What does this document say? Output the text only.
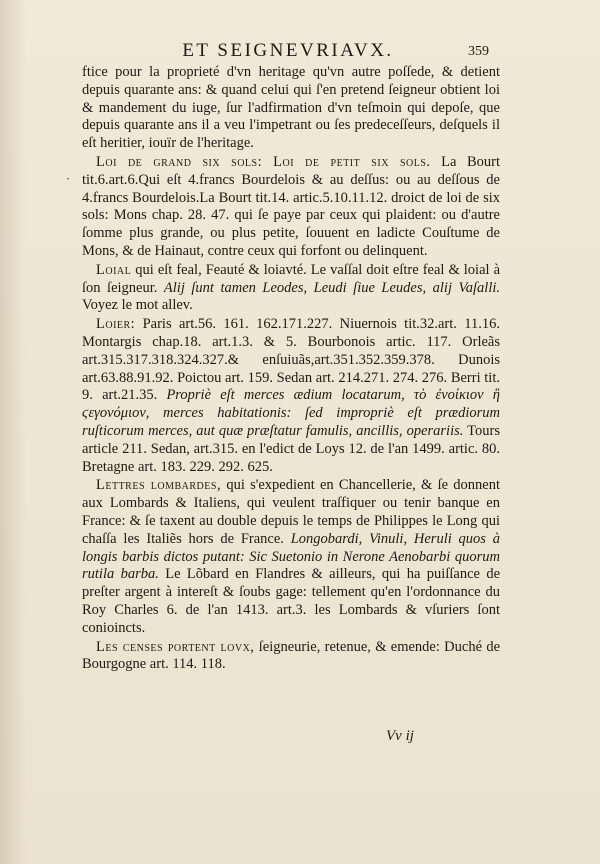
ET SEIGNEVRIAVX.	359
·

ftice pour la proprieté d'vn heritage qu'vn autre poſſede, & detient depuis quarante ans: & quand celui qui ſ'en pretend ſeigneur obtient loi & mandement du iuge, ſur l'adfirmation d'vn teſmoin qui depoſe, que depuis quarante ans il a veu l'impetrant ou ſes predeceſſeurs, deſquels il eſt heritier, iouïr de l'heritage.

Loi de grand six sols: Loi de petit six sols. La Bourt tit.6.art.6.Qui eſt 4.francs Bourdelois & au deſſus: ou au deſſous de 4.francs Bourdelois.La Bourt tit.14. artic.5.10.11.12. droict de loi de six sols: Mons chap. 28. 47. qui ſe paye par ceux qui plaident: ou d'autre ſomme plus grande, ou plus petite, ſouuent en ladicte Couſtume de Mons, & de Hainaut, contre ceux qui forfont ou delinquent.

Loial qui eſt feal, Feauté & loiavté. Le vaſſal doit eſtre feal & loial à ſon ſeigneur. Alij ſunt tamen Leodes, Leudi ſiue Leudes, alij Vaſalli. Voyez le mot allev.

Loier: Paris art.56. 161. 162.171.227. Niuernois tit.32.art. 11.16. Montargis chap.18. art.1.3. & 5. Bourbonois artic. 117. Orleãs art.315.317.318.324.327.& enſuiuãs,art.351.352.359.378. Dunois art.63.88.91.92. Poictou art. 159. Sedan art. 214.271. 274. 276. Berri tit. 9. art.21.35. Propriè eſt merces ædium locatarum, τὸ ἐνοίκιον ἢ ϛεγονόμιον, merces habitationis: ſed impropriè eſt prædiorum ruſticorum merces, aut quæ præſtatur famulis, ancillis, operariis. Tours article 211. Sedan, art.315. en l'edict de Loys 12. de l'an 1499. artic. 80. Bretagne art. 183. 229. 292. 625.

Lettres lombardes, qui s'expedient en Chancellerie, & ſe donnent aux Lombards & Italiens, qui veulent traſfiquer ou tenir banque en France: & ſe taxent au double depuis le temps de Philippes le Long qui chaſſa les Italiẽs hors de France. Longobardi, Vinuli, Heruli quos à longis barbis dictos putant: Sic Suetonio in Nerone Aenobarbi quorum rutila barba. Le Lõbard en Flandres & ailleurs, qui ha puiſſance de preſter argent à intereſt & ſoubs gage: tellement qu'en l'ordonnance du Roy Charles 6. de l'an 1413. art.3. les Lombards & vſuriers ſont conioincts.

Les censes portent lovx, ſeigneurie, retenue, & emende: Duché de Bourgogne art. 114. 118.

Vv ij
